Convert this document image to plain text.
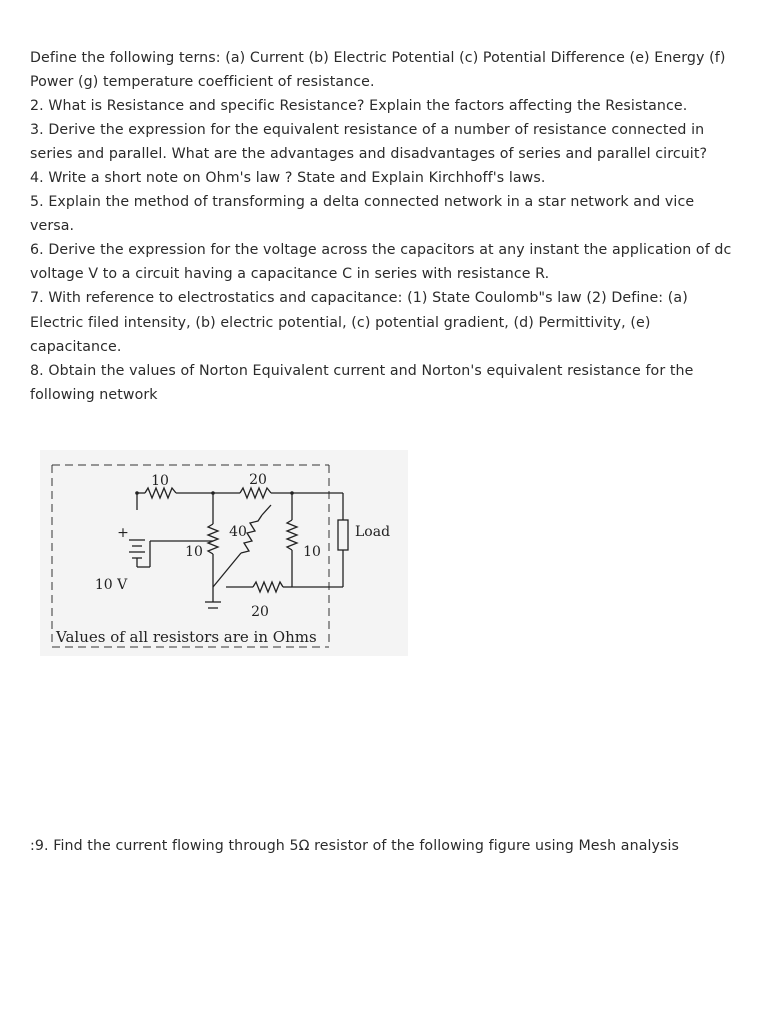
Define the following terns: (a) Current (b) Electric Potential (c) Potential Difference (e) Energy (f) Power (g) temperature coefficient of resistance.

2. What is Resistance and specific Resistance? Explain the factors affecting the Resistance.

3. Derive the expression for the equivalent resistance of a number of resistance connected in series and parallel. What are the advantages and disadvantages of series and parallel circuit?

4. Write a short note on Ohm's law ? State and Explain Kirchhoff's laws.

5. Explain the method of transforming a delta connected network in a star network and vice versa.

6. Derive the expression for the voltage across the capacitors at any instant the application of dc voltage V to a circuit having a capacitance C in series with resistance R.

7. With reference to electrostatics and capacitance: (1) State Coulomb"s law (2) Define: (a) Electric filed intensity, (b) electric potential, (c) potential gradient, (d) Permittivity, (e) capacitance.

8. Obtain the values of Norton Equivalent current and Norton's equivalent resistance for the following network

10	20
40
10	10
20
+
10 V
Load
Values of all resistors are in Ohms

:9. Find the current flowing through 5Ω resistor of the following figure using Mesh analysis
